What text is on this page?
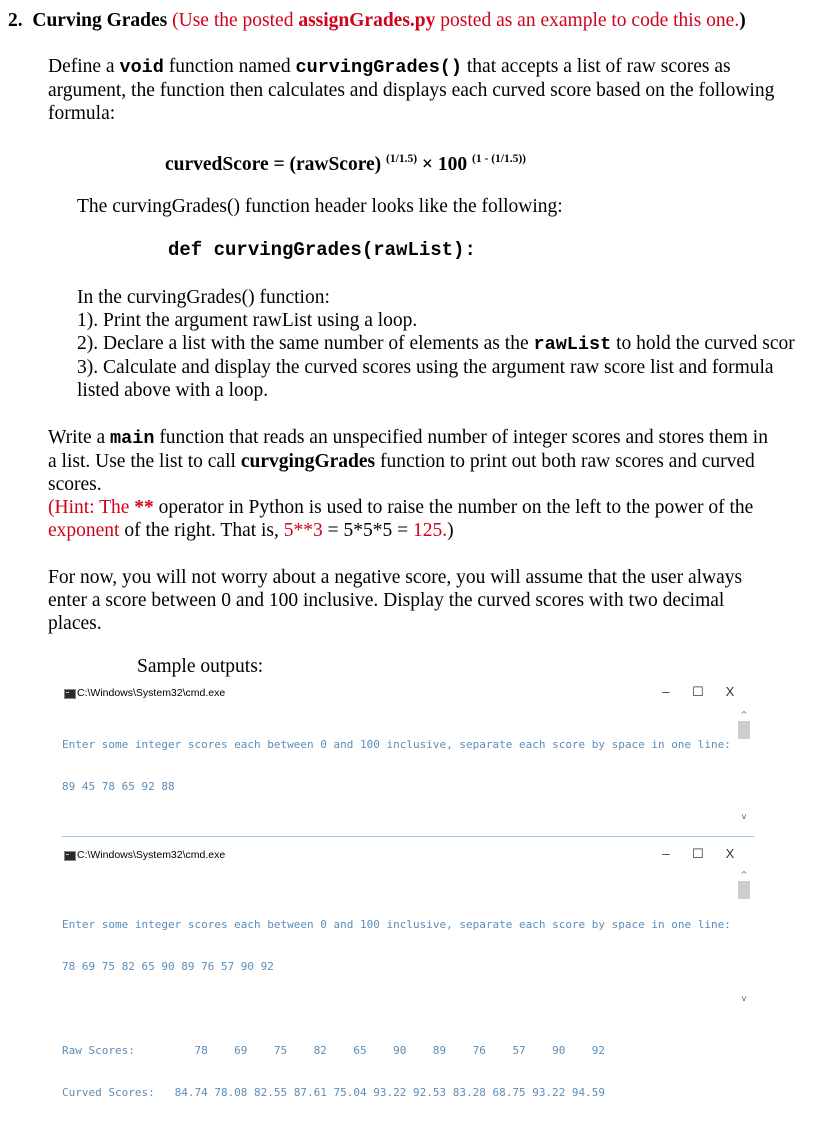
2. Curving Grades (Use the posted assignGrades.py posted as an example to code this one.)

Define a void function named curvingGrades() that accepts a list of raw scores as
argument, the function then calculates and displays each curved score based on the following
formula:
curvedScore = (rawScore) $^{(1/1.5)}$ × 100 $^{(1 - (1/1.5))}$
The curvingGrades() function header looks like the following:
def curvingGrades(rawList):
In the curvingGrades() function:
1). Print the argument rawList using a loop.
2). Declare a list with the same number of elements as the rawList to hold the curved scor
3). Calculate and display the curved scores using the argument raw score list and formula
listed above with a loop.
Write a main function that reads an unspecified number of integer scores and stores them in
a list. Use the list to call curvgingGrades function to print out both raw scores and curved
scores.
(Hint: The ** operator in Python is used to raise the number on the left to the power of the
exponent of the right. That is, 5**3 = 5*5*5 = 125.)
For now, you will not worry about a negative score, you will assume that the user always
enter a score between 0 and 100 inclusive. Display the curved scores with two decimal
places.
Sample outputs:
C:\Windows\System32\cmd.exe	– ☐ X

Enter some integer scores each between 0 and 100 inclusive, separate each score by space in one line:

89 45 78 65 92 88

^
v
C:\Windows\System32\cmd.exe	– ☐ X

Enter some integer scores each between 0 and 100 inclusive, separate each score by space in one line:

78 69 75 82 65 90 89 76 57 90 92

Raw Scores:         78    69    75    82    65    90    89    76    57    90    92

Curved Scores:   84.74 78.08 82.55 87.61 75.04 93.22 92.53 83.28 68.75 93.22 94.59

^
v
